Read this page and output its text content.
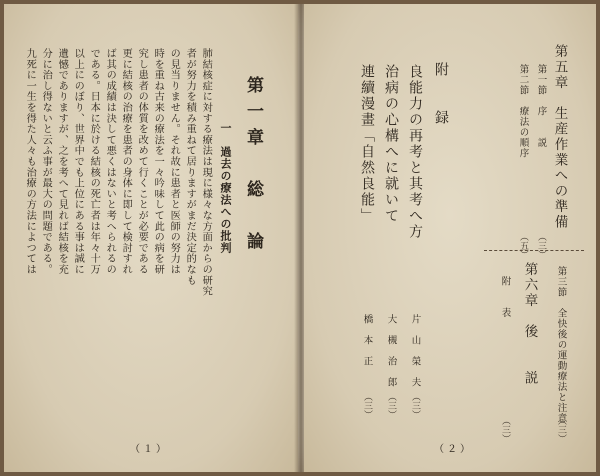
第一章　総　論
一　過去の療法への批判
肺結核症に対する療法は現に様々な方面からの研究
者が努力を積み重ねて居りますがまだ決定的なも
の見当りません。それ故に患者と医師の努力は
時を重ね古来の療法を一々吟味して此の病を研
究し患者の体質を改めて行くことが必要である
更に結核の治療を患者の身体に即して検討すれ
ば其の成績は決して悪くはないと考へられるの
である。日本に於ける結核の死亡者は年々十万
以上にのぼり、世界中でも上位にある事は誠に
遺憾でありますが、之を考へて見れば結核を充
分に治し得ないと云ふ事が最大の問題である。
九死に一生を得た人々も治療の方法によつては
（１）
第五章　生産作業への準備
第一節　序　　説
（三）
第二節　療法の順序
（五）
附　　録
良能力の再考と其考へ方
片　山　榮　夫
（三）
治病の心構へに就いて
大　槻　治　郎
（三）
連續漫畫「自然良能」
橋　本　正
（三）
第六章　後　　説 第三節　全快後の運動療法と注意
（三）
附　　表
（三）
（２）
